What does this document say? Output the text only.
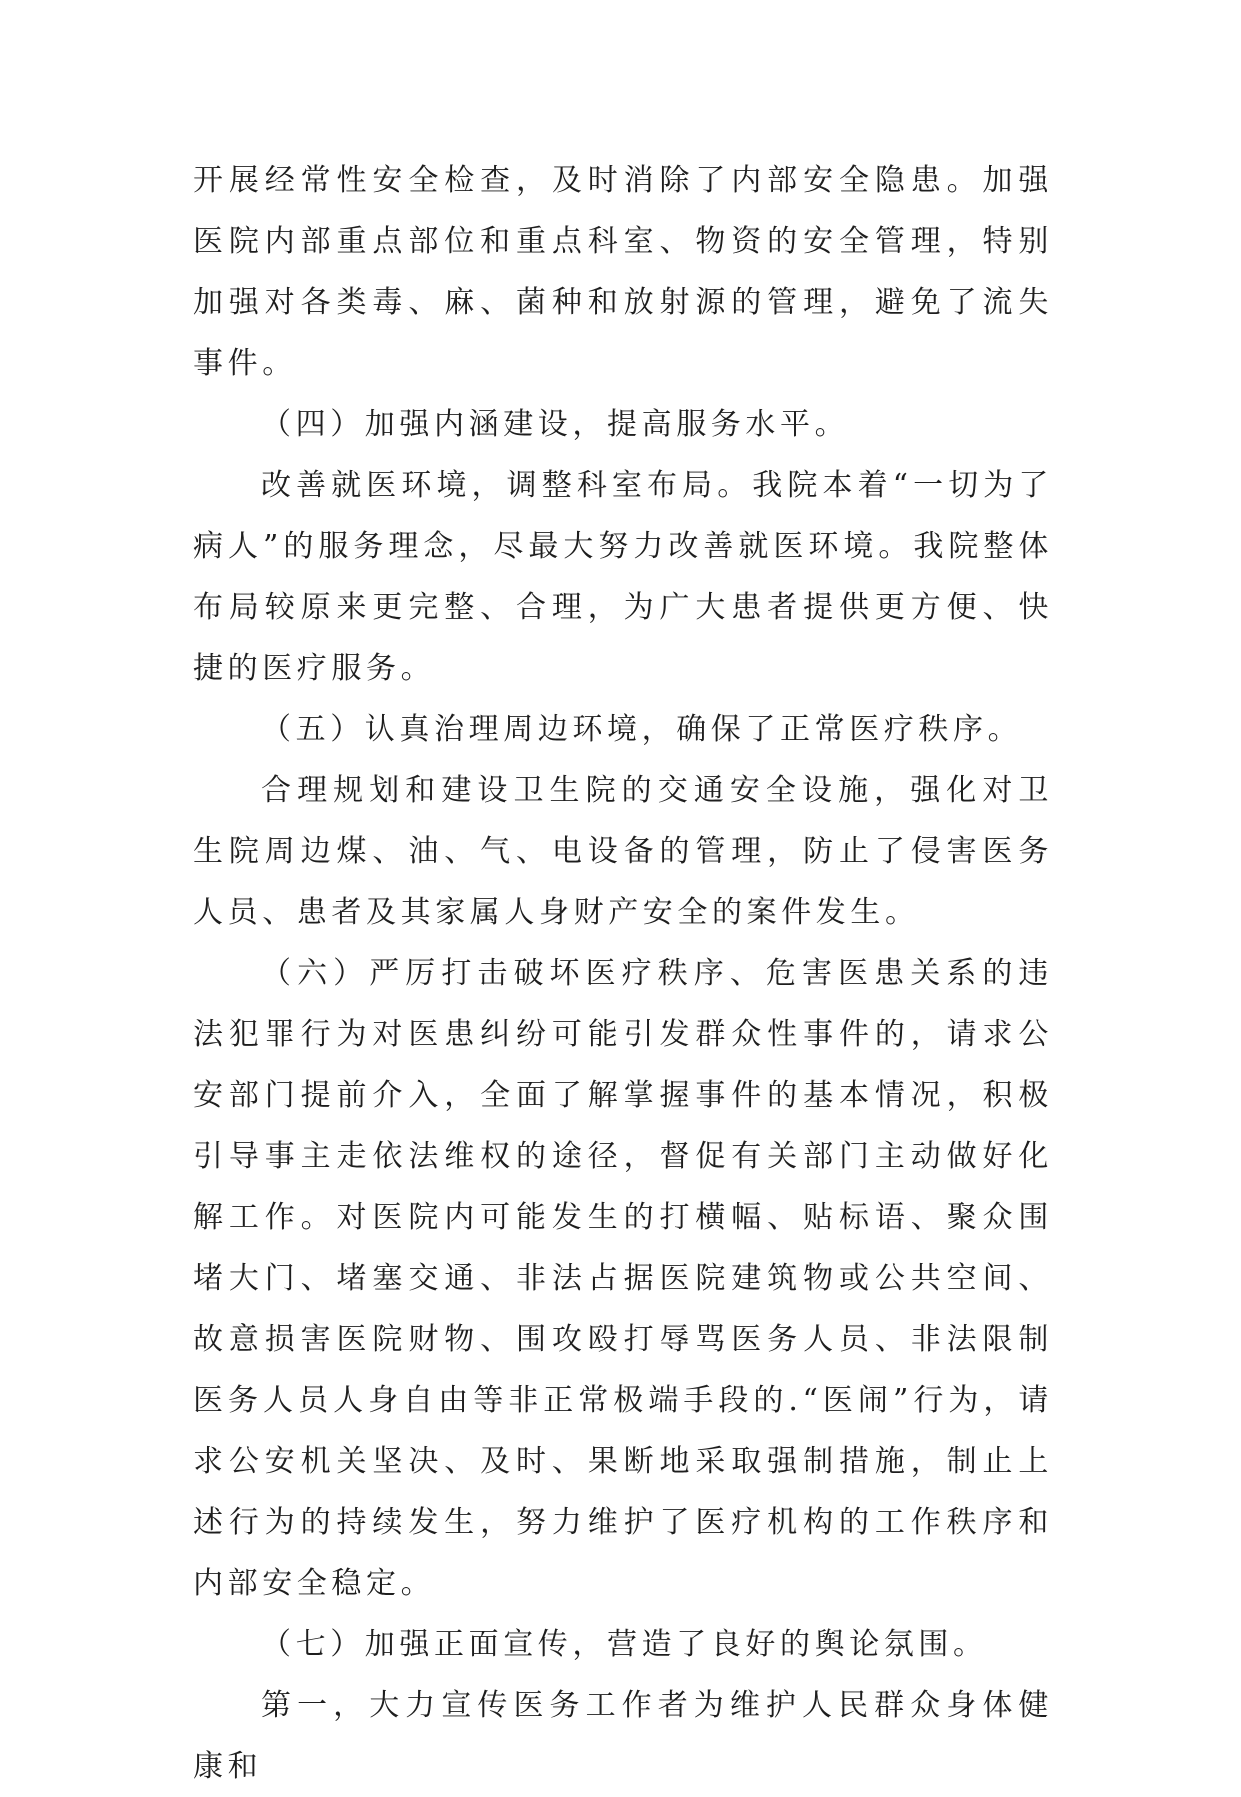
开展经常性安全检查，及时消除了内部安全隐患。加强医院内部重点部位和重点科室、物资的安全管理，特别加强对各类毒、麻、菌种和放射源的管理，避免了流失事件。

（四）加强内涵建设，提高服务水平。

改善就医环境，调整科室布局。我院本着“一切为了病人”的服务理念，尽最大努力改善就医环境。我院整体布局较原来更完整、合理，为广大患者提供更方便、快捷的医疗服务。

（五）认真治理周边环境，确保了正常医疗秩序。

合理规划和建设卫生院的交通安全设施，强化对卫生院周边煤、油、气、电设备的管理，防止了侵害医务人员、患者及其家属人身财产安全的案件发生。

（六）严厉打击破坏医疗秩序、危害医患关系的违法犯罪行为对医患纠纷可能引发群众性事件的，请求公安部门提前介入，全面了解掌握事件的基本情况，积极引导事主走依法维权的途径，督促有关部门主动做好化解工作。对医院内可能发生的打横幅、贴标语、聚众围堵大门、堵塞交通、非法占据医院建筑物或公共空间、故意损害医院财物、围攻殴打辱骂医务人员、非法限制医务人员人身自由等非正常极端手段的.“医闹”行为，请求公安机关坚决、及时、果断地采取强制措施，制止上述行为的持续发生，努力维护了医疗机构的工作秩序和内部安全稳定。

（七）加强正面宣传，营造了良好的舆论氛围。

第一，大力宣传医务工作者为维护人民群众身体健康和
